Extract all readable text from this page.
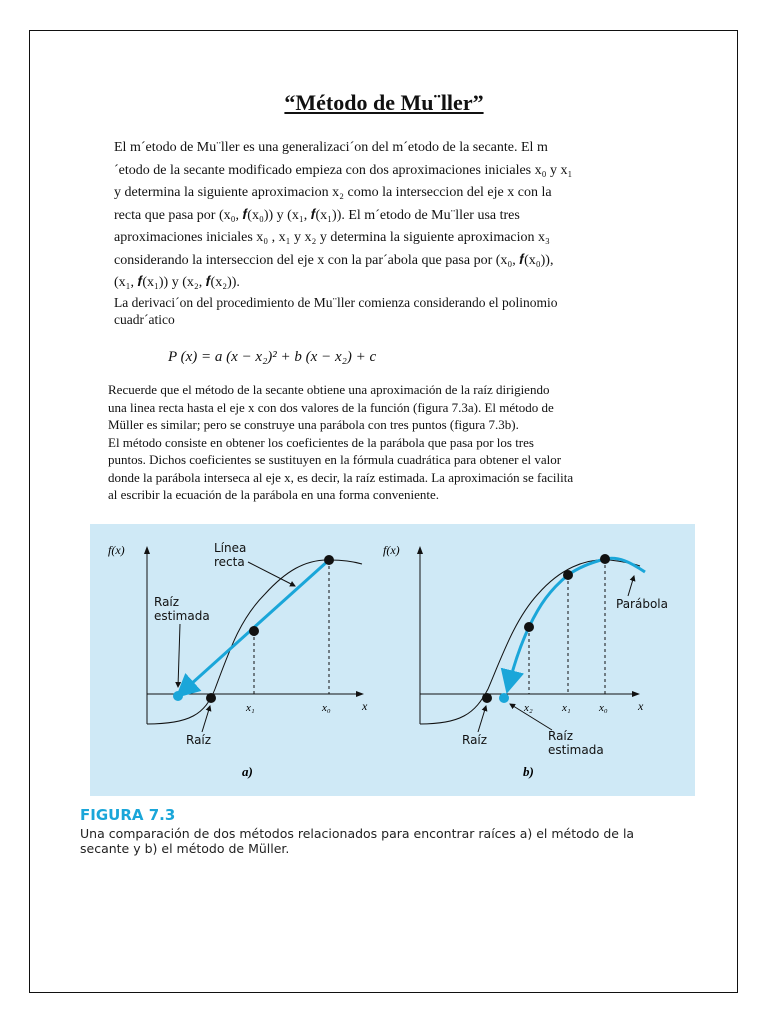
“Método de Mu¨ller”
El m´etodo de Mu¨ller es una generalizaci´on del m´etodo de la secante. El m
´etodo de la secante modificado empieza con dos aproximaciones iniciales x₀ y x₁
y determina la siguiente aproximacion x₂ como la interseccion del eje x con la
recta que pasa por (x₀, 𝒇(x₀)) y (x₁, 𝒇(x₁)). El m´etodo de Mu¨ller usa tres
aproximaciones iniciales x₀ , x₁ y x₂ y determina la siguiente aproximacion x₃
considerando la interseccion del eje x con la par´abola que pasa por (x₀, 𝒇(x₀)),
(x₁, 𝒇(x₁)) y (x₂, 𝒇(x₂)).
La derivaci´on del procedimiento de Mu¨ller comienza considerando el polinomio
cuadr´atico
P (x) = a (x − x₂)² + b (x − x₂) + c
Recuerde que el método de la secante obtiene una aproximación de la raíz dirigiendo
una linea recta hasta el eje x con dos valores de la función (figura 7.3a). El método de
Müller es similar; pero se construye una parábola con tres puntos (figura 7.3b).
El método consiste en obtener los coeficientes de la parábola que pasa por los tres
puntos. Dichos coeficientes se sustituyen en la fórmula cuadrática para obtener el valor
donde la parábola interseca al eje x, es decir, la raíz estimada. La aproximación se facilita
al escribir la ecuación de la parábola en una forma conveniente.
f(x)
x
x₁	x₀
Línea
recta
Raíz
estimada
Raíz
a)
f(x)
x
x₂	x₁	x₀
Parábola
Raíz	Raíz
estimada
b)
FIGURA 7.3
Una comparación de dos métodos relacionados para encontrar raíces a) el método de la
secante y b) el método de Müller.
